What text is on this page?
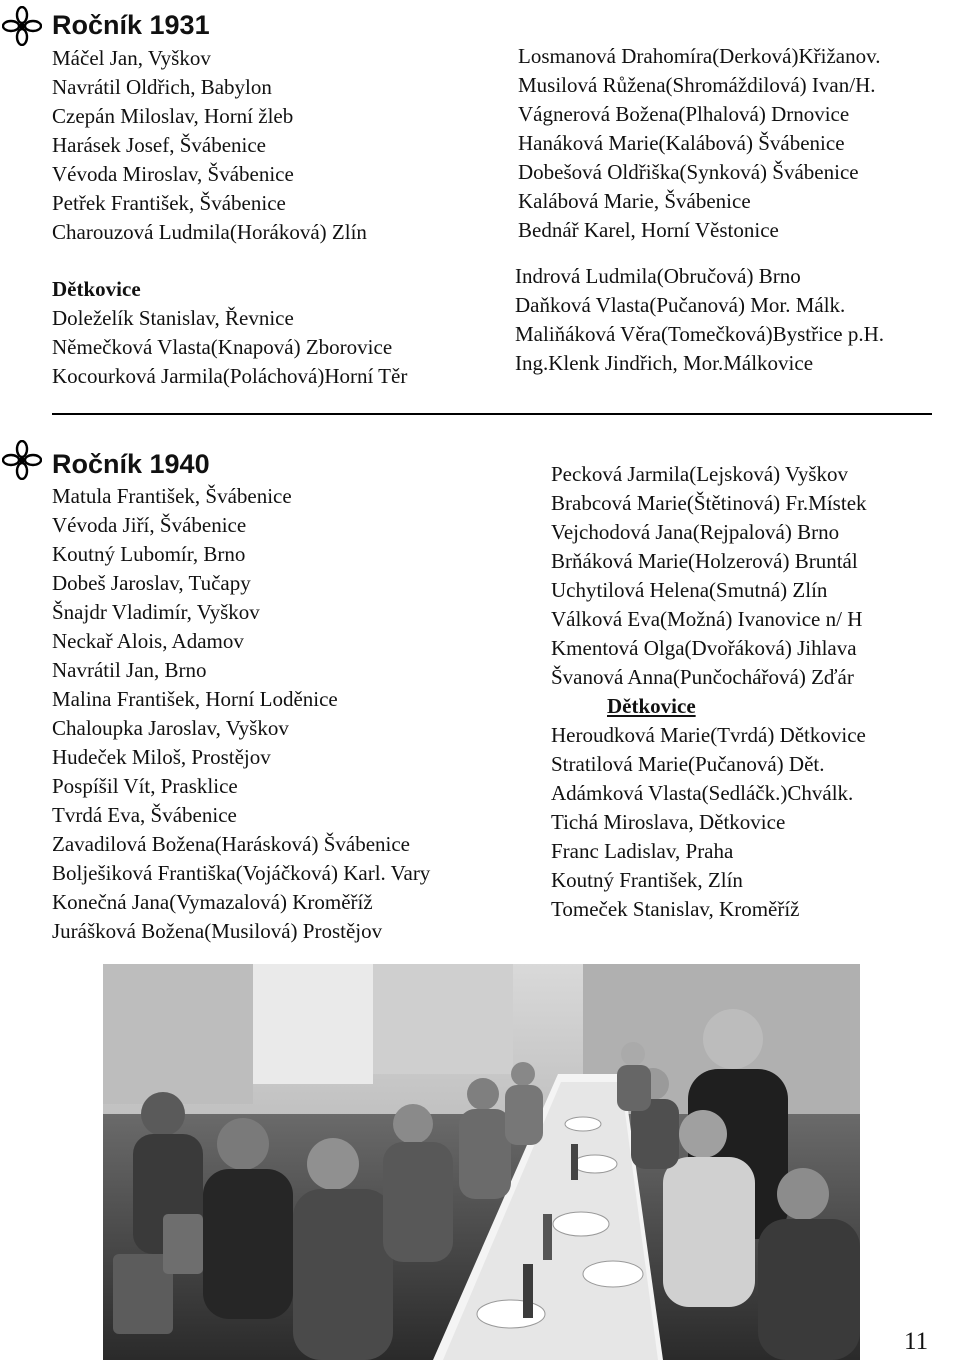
Ročník 1931
Máčel Jan, Vyškov
Navrátil Oldřich, Babylon
Czepán Miloslav, Horní žleb
Harásek Josef, Švábenice
Vévoda Miroslav, Švábenice
Petřek František, Švábenice
Charouzová Ludmila(Horáková) Zlín
Dětkovice
Doleželík Stanislav, Řevnice
Němečková Vlasta(Knapová) Zborovice
Kocourková Jarmila(Poláchová)Horní Těr
Losmanová Drahomíra(Derková)Křižanov.
Musilová Růžena(Shromáždilová) Ivan/H.
Vágnerová Božena(Plhalová) Drnovice
Hanáková Marie(Kalábová) Švábenice
Dobešová Oldřiška(Synková) Švábenice
Kalábová Marie, Švábenice
Bednář Karel, Horní Věstonice
Indrová Ludmila(Obručová) Brno
Daňková Vlasta(Pučanová) Mor. Málk.
Maliňáková Věra(Tomečková)Bystřice p.H.
Ing.Klenk Jindřich, Mor.Málkovice
Ročník 1940
Matula František, Švábenice
Vévoda Jiří, Švábenice
Koutný Lubomír, Brno
Dobeš Jaroslav, Tučapy
Šnajdr Vladimír, Vyškov
Neckař Alois, Adamov
Navrátil Jan, Brno
Malina František, Horní Loděnice
Chaloupka Jaroslav, Vyškov
Hudeček Miloš, Prostějov
Pospíšil Vít, Prasklice
Tvrdá Eva, Švábenice
Zavadilová Božena(Harásková) Švábenice
Bolješiková Františka(Vojáčková) Karl. Vary
Konečná Jana(Vymazalová) Kroměříž
Jurášková Božena(Musilová) Prostějov
Pecková Jarmila(Lejsková) Vyškov
Brabcová Marie(Štětinová) Fr.Místek
Vejchodová Jana(Rejpalová) Brno
Brňáková Marie(Holzerová) Bruntál
Uchytilová Helena(Smutná) Zlín
Válková Eva(Možná) Ivanovice n/ H
Kmentová Olga(Dvořáková) Jihlava
Švanová Anna(Punčochářová) Zďár
Dětkovice
Heroudková Marie(Tvrdá) Dětkovice
Stratilová Marie(Pučanová) Dět.
Adámková Vlasta(Sedláčk.)Chválk.
Tichá Miroslava, Dětkovice
Franc Ladislav, Praha
Koutný František, Zlín
Tomeček Stanislav, Kroměříž
11
